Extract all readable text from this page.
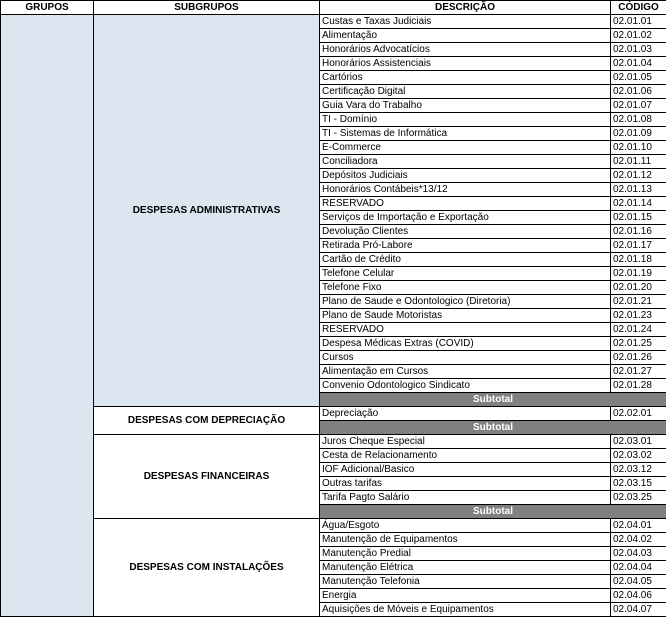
GRUPOS	SUBGRUPOS	DESCRIÇÃO	CÓDIGO
	DESPESAS ADMINISTRATIVAS	Custas e Taxas Judiciais	02.01.01
		Alimentação	02.01.02
		Honorários Advocatícios	02.01.03
		Honorários Assistenciais	02.01.04
		Cartórios	02.01.05
		Certificação Digital	02.01.06
		Guia Vara do Trabalho	02.01.07
		TI - Domínio	02.01.08
		TI - Sistemas de Informática	02.01.09
		E-Commerce	02.01.10
		Conciliadora	02.01.11
		Depósitos Judiciais	02.01.12
		Honorários Contábeis*13/12	02.01.13
		RESERVADO	02.01.14
		Serviços de Importação e Exportação	02.01.15
		Devolução Clientes	02.01.16
		Retirada Pró-Labore	02.01.17
		Cartão de Crédito	02.01.18
		Telefone Celular	02.01.19
		Telefone Fixo	02.01.20
		Plano de Saude e Odontologico (Diretoria)	02.01.21
		Plano de Saude Motoristas	02.01.23
		RESERVADO	02.01.24
		Despesa Médicas Extras (COVID)	02.01.25
		Cursos	02.01.26
		Alimentação em Cursos	02.01.27
		Convenio Odontologico Sindicato	02.01.28
		Subtotal	
	DESPESAS COM DEPRECIAÇÃO	Depreciação	02.02.01
		Subtotal	
	DESPESAS FINANCEIRAS	Juros Cheque Especial	02.03.01
		Cesta de Relacionamento	02.03.02
		IOF Adicional/Basico	02.03.12
		Outras tarifas	02.03.15
		Tarifa Pagto Salário	02.03.25
		Subtotal	
	DESPESAS COM INSTALAÇÕES	Água/Esgoto	02.04.01
		Manutenção de Equipamentos	02.04.02
		Manutenção Predial	02.04.03
		Manutenção Elétrica	02.04.04
		Manutenção Telefonia	02.04.05
		Energia	02.04.06
		Aquisições de Móveis e Equipamentos	02.04.07
